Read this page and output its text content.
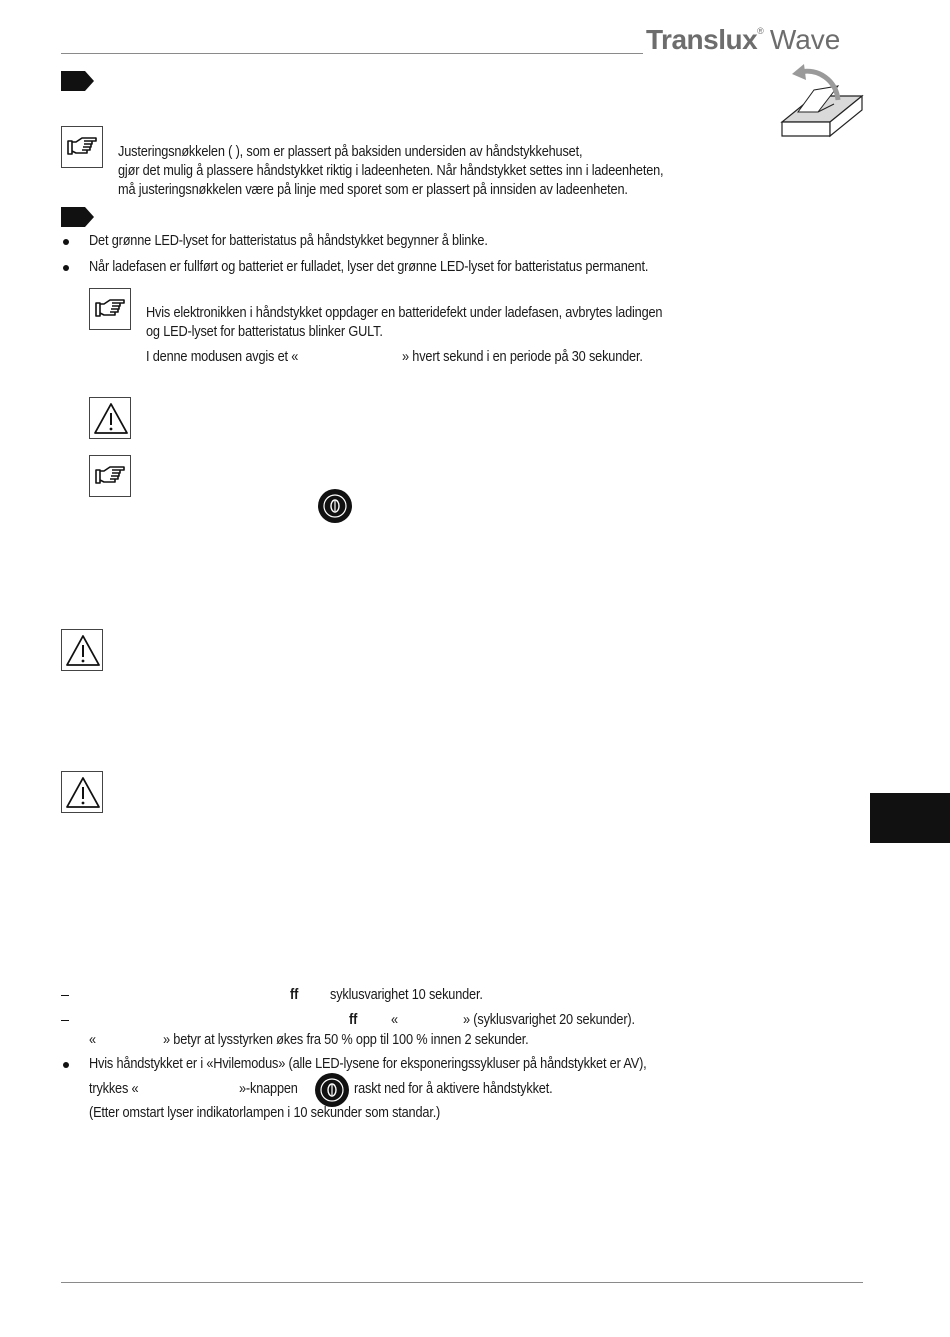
Translux® Wave
Justeringsnøkkelen ( ), som er plassert på baksiden undersiden av håndstykkehuset,
gjør det mulig å plassere håndstykket riktig i ladeenheten. Når håndstykket settes inn i ladeenheten,
må justeringsnøkkelen være på linje med sporet som er plassert på innsiden av ladeenheten.
Det grønne LED-lyset for batteristatus på håndstykket begynner å blinke.
Når ladefasen er fullført og batteriet er fulladet, lyser det grønne LED-lyset for batteristatus permanent.
Hvis elektronikken i håndstykket oppdager en batteridefekt under ladefasen, avbrytes ladingen
og LED-lyset for batteristatus blinker GULT.
I denne modusen avgis et «	» hvert sekund i en periode på 30 sekunder.
ff syklusvarighet 10 sekunder.
ff «	» (syklusvarighet 20 sekunder).
«	» betyr at lysstyrken økes fra 50 % opp til 100 % innen 2 sekunder.
Hvis håndstykket er i «Hvilemodus» (alle LED-lysene for eksponeringssykluser på håndstykket er AV),
trykkes «	»-knappen	raskt ned for å aktivere håndstykket.
(Etter omstart lyser indikatorlampen i 10 sekunder som standar.)
